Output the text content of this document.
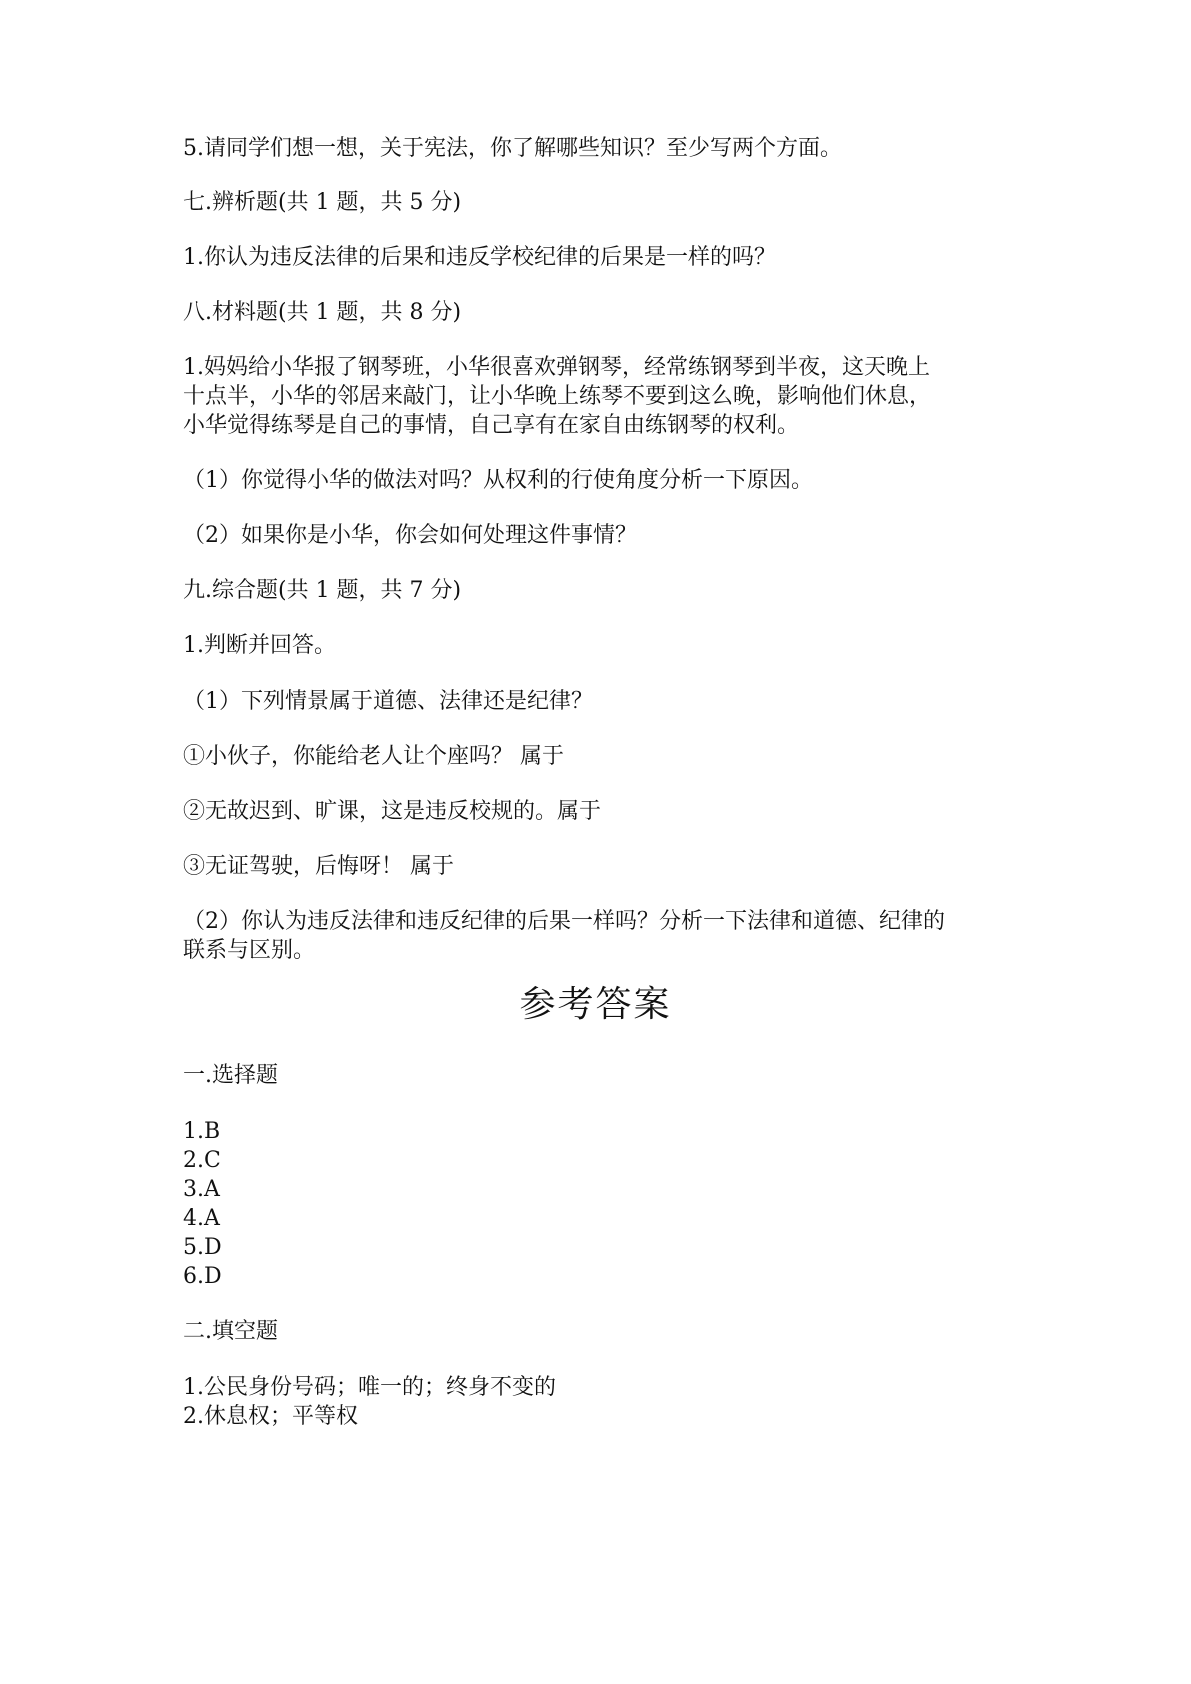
5.请同学们想一想，关于宪法，你了解哪些知识？至少写两个方面。
七.辨析题(共 1 题，共 5 分)
1.你认为违反法律的后果和违反学校纪律的后果是一样的吗？
八.材料题(共 1 题，共 8 分)
1.妈妈给小华报了钢琴班，小华很喜欢弹钢琴，经常练钢琴到半夜，这天晚上
十点半，小华的邻居来敲门，让小华晚上练琴不要到这么晚，影响他们休息，
小华觉得练琴是自己的事情，自己享有在家自由练钢琴的权利。
（1）你觉得小华的做法对吗？从权利的行使角度分析一下原因。
（2）如果你是小华，你会如何处理这件事情？
九.综合题(共 1 题，共 7 分)
1.判断并回答。
（1）下列情景属于道德、法律还是纪律？
①小伙子，你能给老人让个座吗？ 属于
②无故迟到、旷课，这是违反校规的。属于
③无证驾驶，后悔呀！ 属于
（2）你认为违反法律和违反纪律的后果一样吗？分析一下法律和道德、纪律的
联系与区别。
参考答案
一.选择题
1.B
2.C
3.A
4.A
5.D
6.D
二.填空题
1.公民身份号码；唯一的；终身不变的
2.休息权；平等权
